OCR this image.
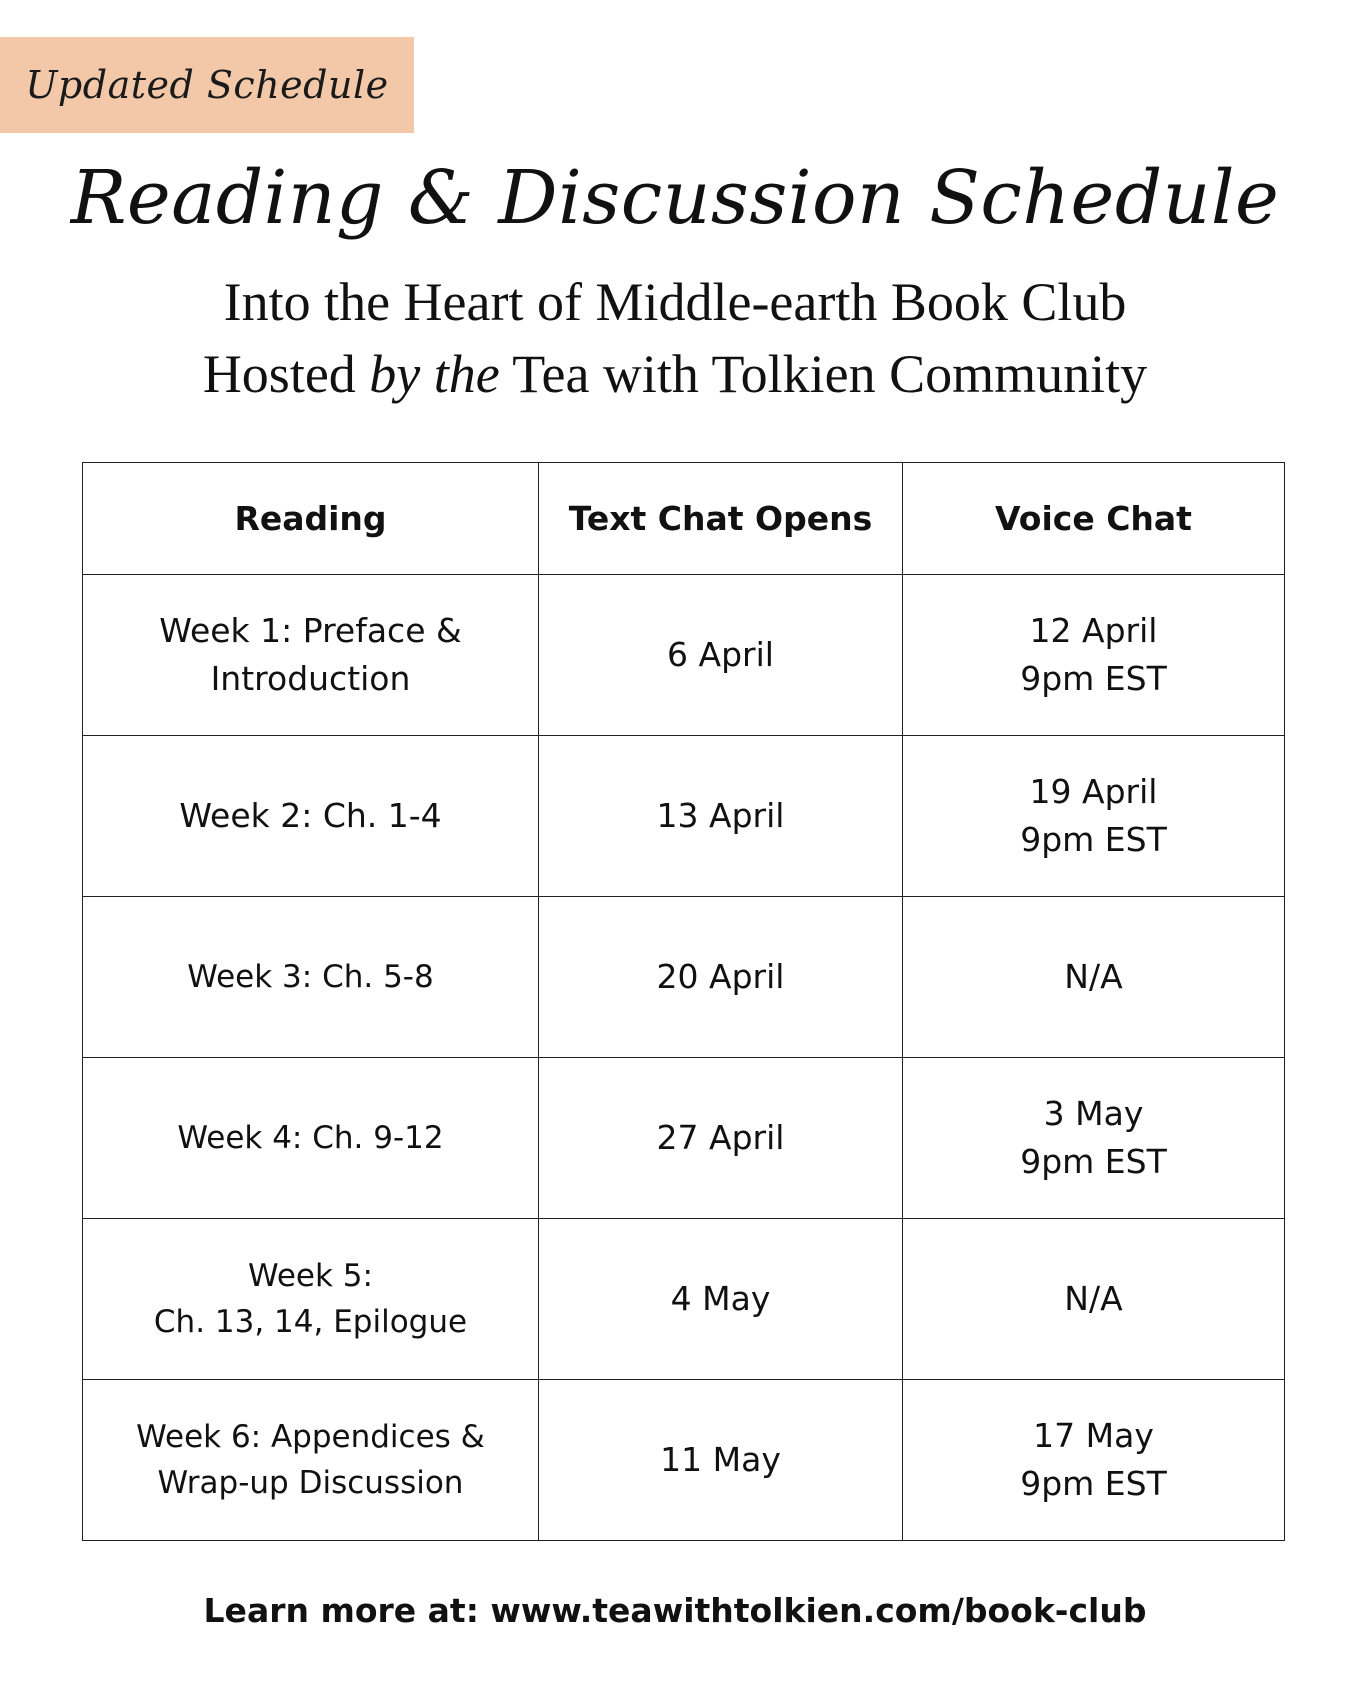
Updated Schedule
Reading & Discussion Schedule
Into the Heart of Middle-earth Book Club
Hosted by the Tea with Tolkien Community
Reading	Text Chat Opens	Voice Chat

Week 1: Preface &
Introduction	6 April	12 April
9pm EST

Week 2: Ch. 1-4	13 April	19 April
9pm EST

Week 3: Ch. 5-8	20 April	N/A

Week 4: Ch. 9-12	27 April	3 May
9pm EST

Week 5:
Ch. 13, 14, Epilogue	4 May	N/A

Week 6: Appendices &
Wrap-up Discussion	11 May	17 May
9pm EST
Learn more at: www.teawithtolkien.com/book-club
